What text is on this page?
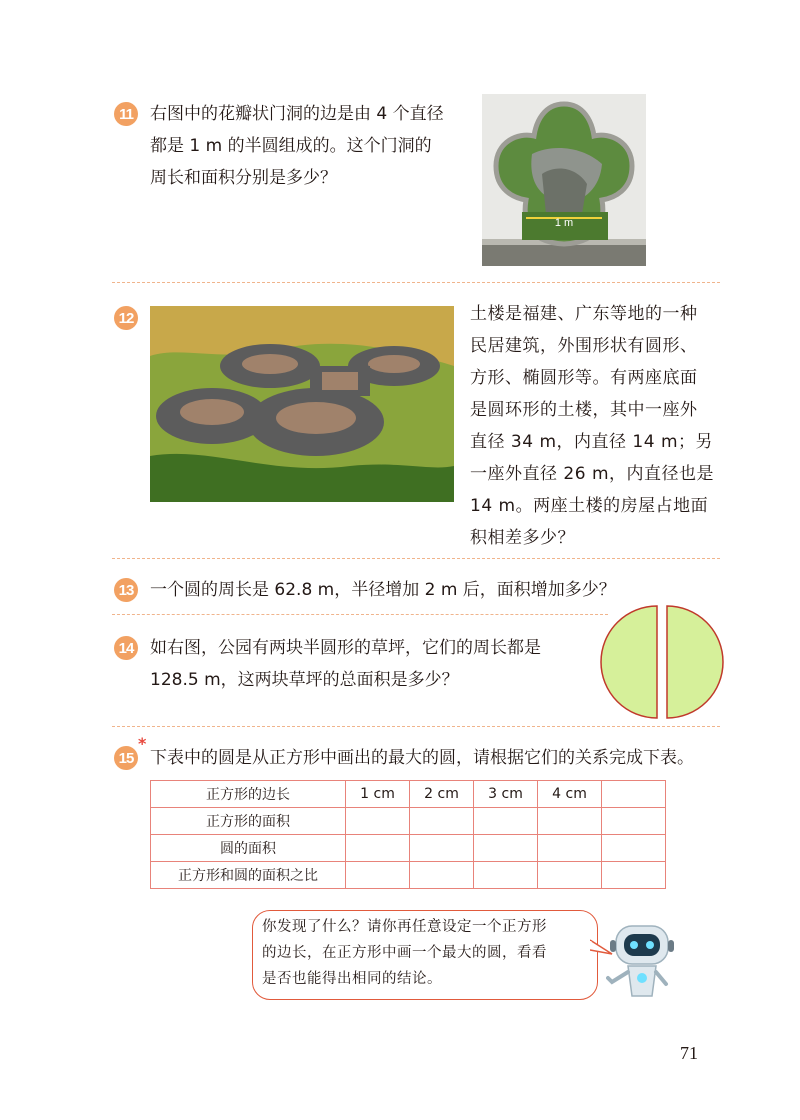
11 右图中的花瓣状门洞的边是由 4 个直径
都是 1 m 的半圆组成的。这个门洞的
周长和面积分别是多少？
1 m
12	土楼是福建、广东等地的一种
民居建筑，外围形状有圆形、
方形、椭圆形等。有两座底面
是圆环形的土楼，其中一座外
直径 34 m，内直径 14 m；另
一座外直径 26 m，内直径也是
14 m。两座土楼的房屋占地面
积相差多少？
13 一个圆的周长是 62.8 m，半径增加 2 m 后，面积增加多少？
14 如右图，公园有两块半圆形的草坪，它们的周长都是
128.5 m，这两块草坪的总面积是多少？
15
*
下表中的圆是从正方形中画出的最大的圆，请根据它们的关系完成下表。
正方形的边长	1 cm	2 cm	3 cm	4 cm	
正方形的面积					
圆的面积					
正方形和圆的面积之比					
你发现了什么？请你再任意设定一个正方形
的边长，在正方形中画一个最大的圆，看看
是否也能得出相同的结论。
71
